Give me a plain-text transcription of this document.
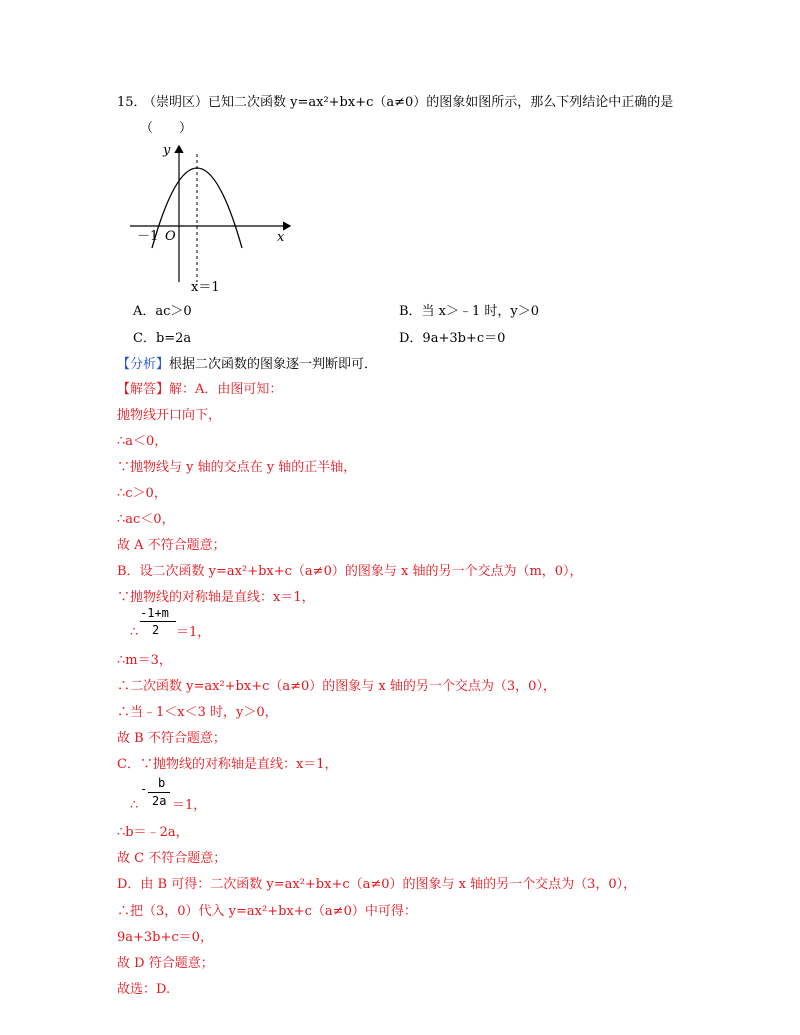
15．
（崇明区）已知二次函数 y=ax²+bx+c（a≠0）的图象如图所示，那么下列结论中正确的是
（　　）
y
x
O
－1
x＝1
A．ac＞0	B．当 x＞﹣1 时，y＞0
C．b=2a	D．9a+3b+c＝0
【分析】根据二次函数的图象逐一判断即可．
【解答】解：A．由图可知：
抛物线开口向下，
∴a＜0，
∵抛物线与 y 轴的交点在 y 轴的正半轴，
∴c＞0，
∴ac＜0，
故 A 不符合题意；
B．设二次函数 y=ax²+bx+c（a≠0）的图象与 x 轴的另一个交点为（m，0），
∵抛物线的对称轴是直线：x＝1，
-1+m
2
∴	＝1，
∴m＝3，
∴二次函数 y=ax²+bx+c（a≠0）的图象与 x 轴的另一个交点为（3，0），
∴当﹣1＜x＜3 时，y＞0，
故 B 不符合题意；
C．∵抛物线的对称轴是直线：x＝1，
- b
2a
∴	＝1，
∴b＝﹣2a，
故 C 不符合题意；
D．由 B 可得：二次函数 y=ax²+bx+c（a≠0）的图象与 x 轴的另一个交点为（3，0），
∴把（3，0）代入 y=ax²+bx+c（a≠0）中可得：
9a+3b+c＝0，
故 D 符合题意；
故选：D.
